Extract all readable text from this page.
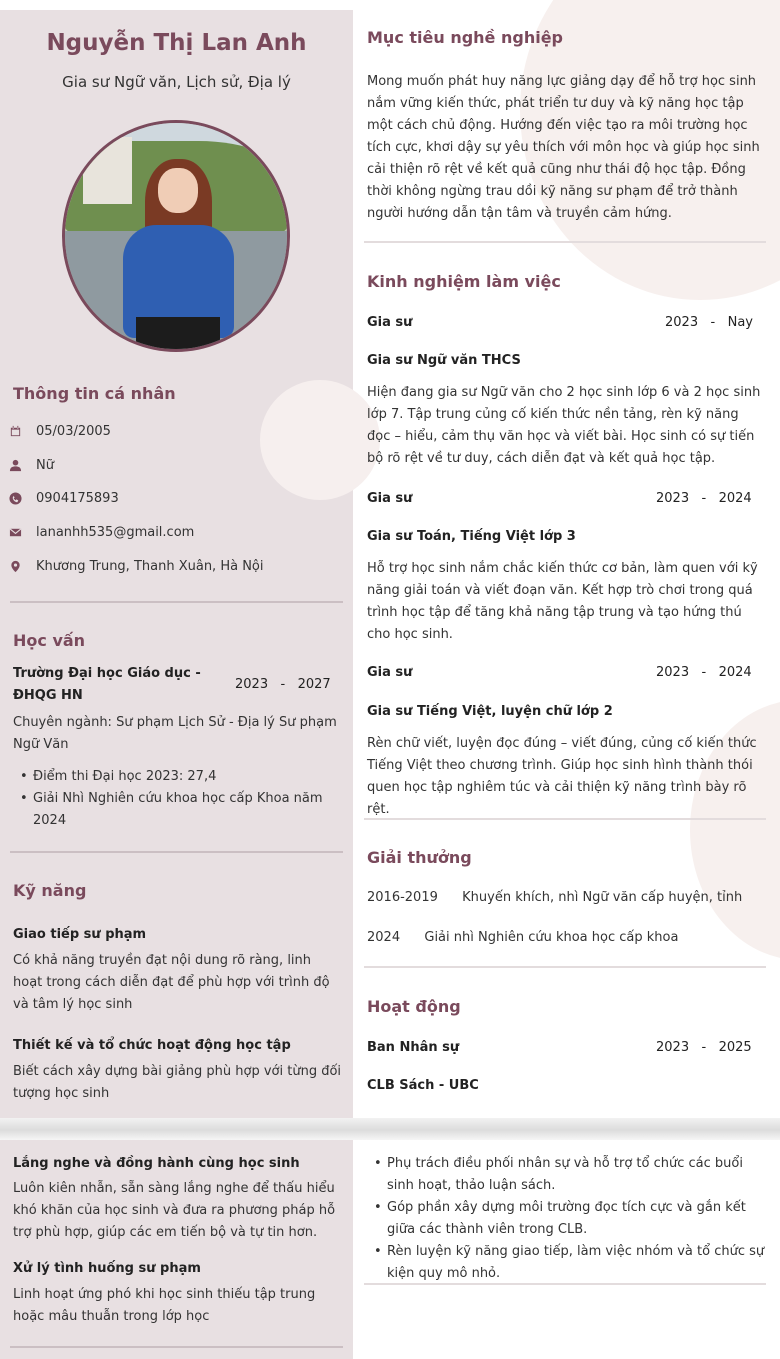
Nguyễn Thị Lan Anh
Gia sư Ngữ văn, Lịch sử, Địa lý
Thông tin cá nhân
05/03/2005
Nữ
0904175893
lananhh535@gmail.com
Khương Trung, Thanh Xuân, Hà Nội
Học vấn
Trường Đại học Giáo dục - ĐHQG HN
2023 - 2027
Chuyên ngành: Sư phạm Lịch Sử - Địa lý Sư phạm Ngữ Văn
• Điểm thi Đại học 2023: 27,4
• Giải Nhì Nghiên cứu khoa học cấp Khoa năm 2024
Kỹ năng
Giao tiếp sư phạm
Có khả năng truyền đạt nội dung rõ ràng, linh hoạt trong cách diễn đạt để phù hợp với trình độ và tâm lý học sinh
Thiết kế và tổ chức hoạt động học tập
Biết cách xây dựng bài giảng phù hợp với từng đối tượng học sinh
Lắng nghe và đồng hành cùng học sinh
Luôn kiên nhẫn, sẵn sàng lắng nghe để thấu hiểu khó khăn của học sinh và đưa ra phương pháp hỗ trợ phù hợp, giúp các em tiến bộ và tự tin hơn.
Xử lý tình huống sư phạm
Linh hoạt ứng phó khi học sinh thiếu tập trung hoặc mâu thuẫn trong lớp học
Mục tiêu nghề nghiệp
Mong muốn phát huy năng lực giảng dạy để hỗ trợ học sinh nắm vững kiến thức, phát triển tư duy và kỹ năng học tập một cách chủ động. Hướng đến việc tạo ra môi trường học tích cực, khơi dậy sự yêu thích với môn học và giúp học sinh cải thiện rõ rệt về kết quả cũng như thái độ học tập. Đồng thời không ngừng trau dồi kỹ năng sư phạm để trở thành người hướng dẫn tận tâm và truyền cảm hứng.
Kinh nghiệm làm việc
Gia sư	2023 - Nay
Gia sư Ngữ văn THCS
Hiện đang gia sư Ngữ văn cho 2 học sinh lớp 6 và 2 học sinh lớp 7. Tập trung củng cố kiến thức nền tảng, rèn kỹ năng đọc – hiểu, cảm thụ văn học và viết bài. Học sinh có sự tiến bộ rõ rệt về tư duy, cách diễn đạt và kết quả học tập.
Gia sư	2023 - 2024
Gia sư Toán, Tiếng Việt lớp 3
Hỗ trợ học sinh nắm chắc kiến thức cơ bản, làm quen với kỹ năng giải toán và viết đoạn văn. Kết hợp trò chơi trong quá trình học tập để tăng khả năng tập trung và tạo hứng thú cho học sinh.
Gia sư	2023 - 2024
Gia sư Tiếng Việt, luyện chữ lớp 2
Rèn chữ viết, luyện đọc đúng – viết đúng, củng cố kiến thức Tiếng Việt theo chương trình. Giúp học sinh hình thành thói quen học tập nghiêm túc và cải thiện kỹ năng trình bày rõ rệt.
Giải thưởng
2016-2019 Khuyến khích, nhì Ngữ văn cấp huyện, tỉnh
2024 Giải nhì Nghiên cứu khoa học cấp khoa
Hoạt động
Ban Nhân sự	2023 - 2025
CLB Sách - UBC
• Phụ trách điều phối nhân sự và hỗ trợ tổ chức các buổi sinh hoạt, thảo luận sách.
• Góp phần xây dựng môi trường đọc tích cực và gắn kết giữa các thành viên trong CLB.
• Rèn luyện kỹ năng giao tiếp, làm việc nhóm và tổ chức sự kiện quy mô nhỏ.
